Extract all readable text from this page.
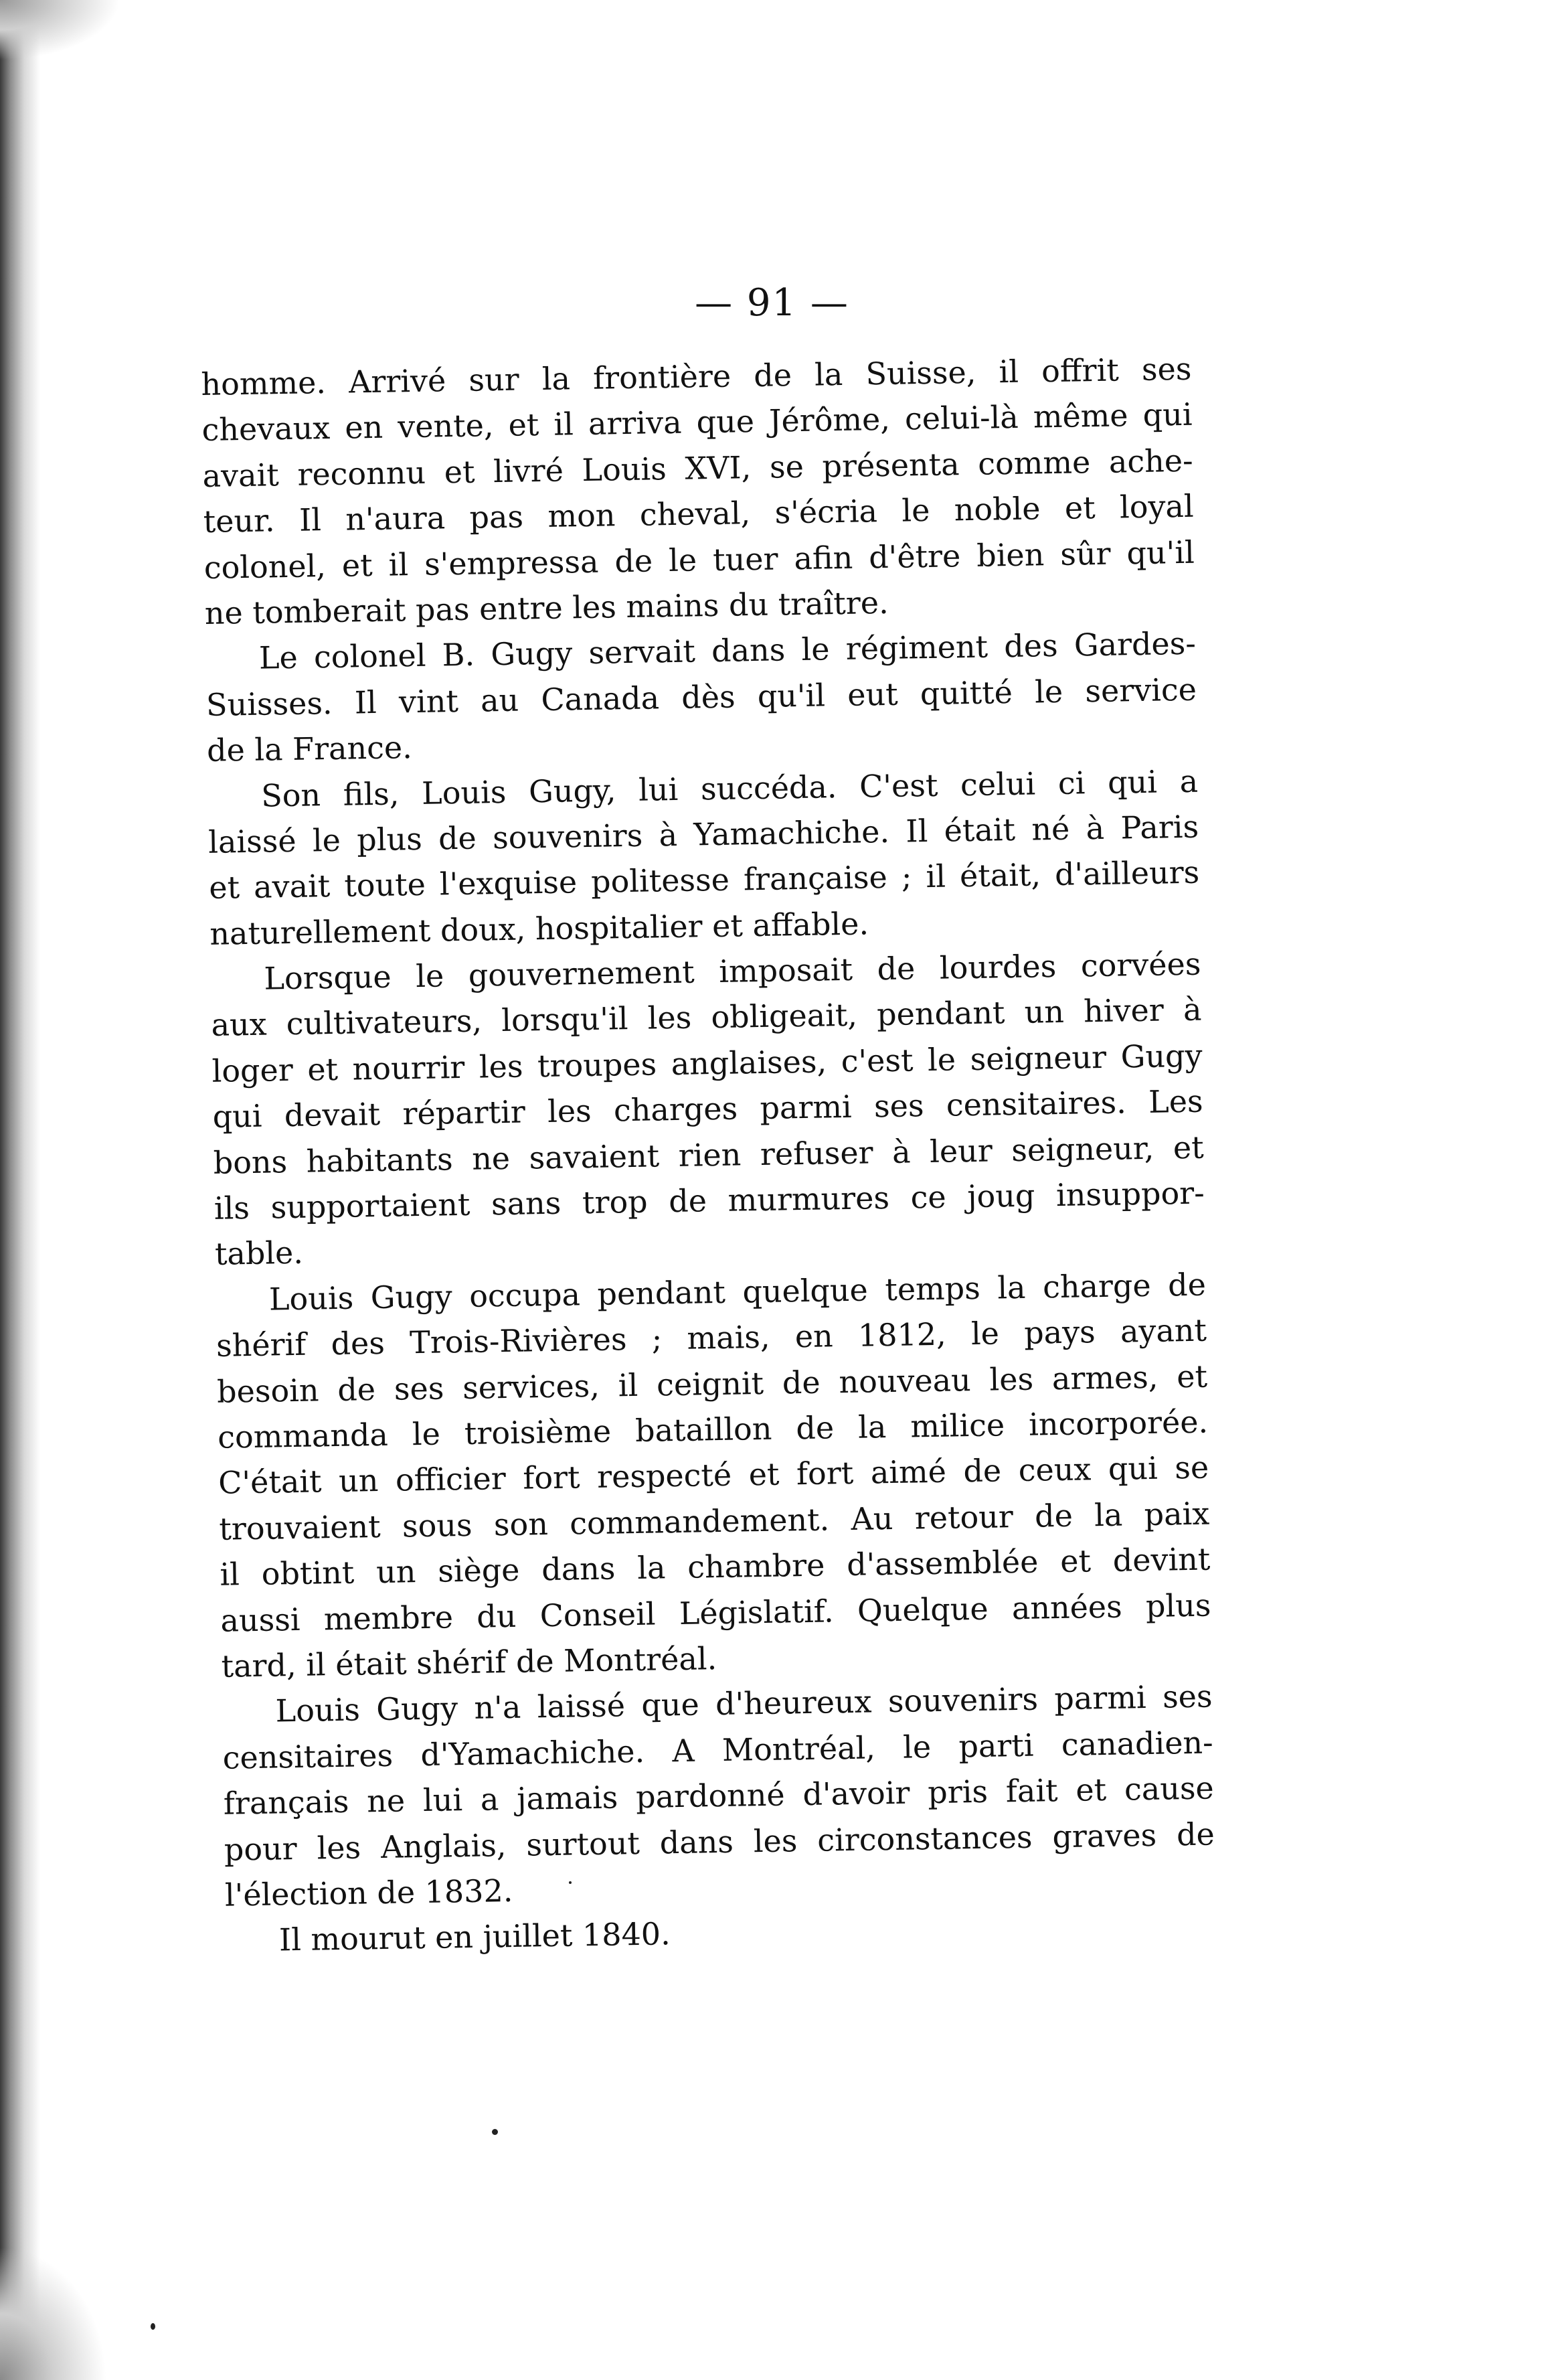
— 91 —
homme. Arrivé sur la frontière de la Suisse, il offrit ses
chevaux en vente, et il arriva que Jérôme, celui-là même qui
avait reconnu et livré Louis XVI, se présenta comme ache-
teur. Il n'aura pas mon cheval, s'écria le noble et loyal
colonel, et il s'empressa de le tuer afin d'être bien sûr qu'il
ne tomberait pas entre les mains du traître.
Le colonel B. Gugy servait dans le régiment des Gardes-
Suisses. Il vint au Canada dès qu'il eut quitté le service
de la France.
Son fils, Louis Gugy, lui succéda. C'est celui ci qui a
laissé le plus de souvenirs à Yamachiche. Il était né à Paris
et avait toute l'exquise politesse française ; il était, d'ailleurs
naturellement doux, hospitalier et affable.
Lorsque le gouvernement imposait de lourdes corvées
aux cultivateurs, lorsqu'il les obligeait, pendant un hiver à
loger et nourrir les troupes anglaises, c'est le seigneur Gugy
qui devait répartir les charges parmi ses censitaires. Les
bons habitants ne savaient rien refuser à leur seigneur, et
ils supportaient sans trop de murmures ce joug insuppor-
table.
Louis Gugy occupa pendant quelque temps la charge de
shérif des Trois-Rivières ; mais, en 1812, le pays ayant
besoin de ses services, il ceignit de nouveau les armes, et
commanda le troisième bataillon de la milice incorporée.
C'était un officier fort respecté et fort aimé de ceux qui se
trouvaient sous son commandement. Au retour de la paix
il obtint un siège dans la chambre d'assemblée et devint
aussi membre du Conseil Législatif. Quelque années plus
tard, il était shérif de Montréal.
Louis Gugy n'a laissé que d'heureux souvenirs parmi ses
censitaires d'Yamachiche. A Montréal, le parti canadien-
français ne lui a jamais pardonné d'avoir pris fait et cause
pour les Anglais, surtout dans les circonstances graves de
l'élection de 1832.
Il mourut en juillet 1840.
